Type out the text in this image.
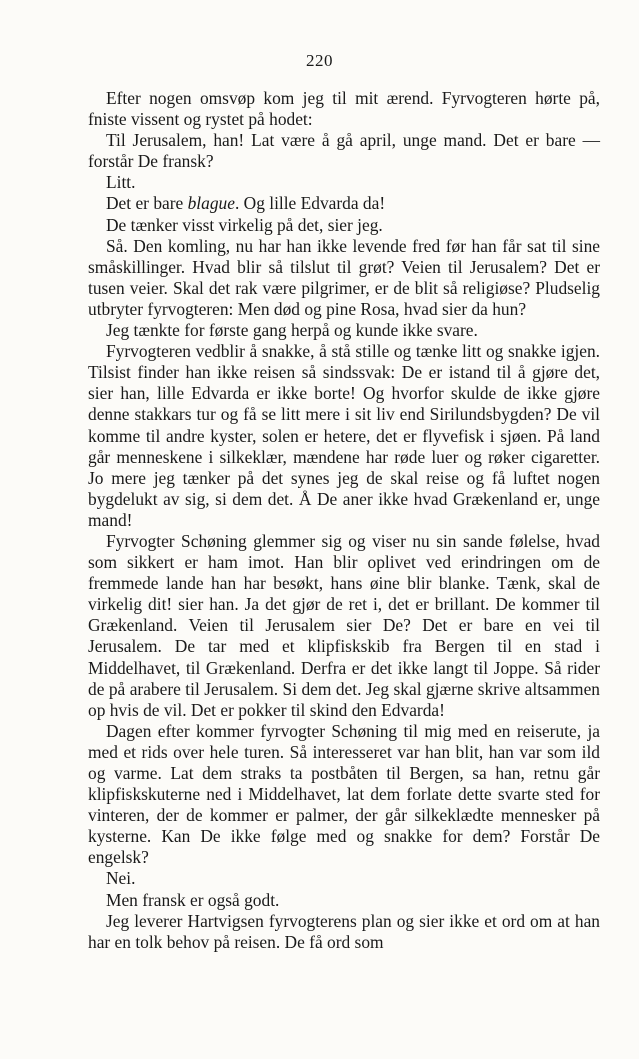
220

Efter nogen omsvøp kom jeg til mit ærend. Fyrvogteren hørte på, fniste vissent og rystet på hodet:

Til Jerusalem, han! Lat være å gå april, unge mand. Det er bare — forstår De fransk?

Litt.

Det er bare blague. Og lille Edvarda da!

De tænker visst virkelig på det, sier jeg.

Så. Den komling, nu har han ikke levende fred før han får sat til sine småskillinger. Hvad blir så tilslut til grøt? Veien til Jerusalem? Det er tusen veier. Skal det rak være pilgrimer, er de blit så religiøse? Pludselig utbryter fyrvogteren: Men død og pine Rosa, hvad sier da hun?

Jeg tænkte for første gang herpå og kunde ikke svare.

Fyrvogteren vedblir å snakke, å stå stille og tænke litt og snakke igjen. Tilsist finder han ikke reisen så sindssvak: De er istand til å gjøre det, sier han, lille Edvarda er ikke borte! Og hvorfor skulde de ikke gjøre denne stakkars tur og få se litt mere i sit liv end Sirilundsbygden? De vil komme til andre kyster, solen er hetere, det er flyvefisk i sjøen. På land går menneskene i silkeklær, mændene har røde luer og røker cigaretter. Jo mere jeg tænker på det synes jeg de skal reise og få luftet nogen bygdelukt av sig, si dem det. Å De aner ikke hvad Grækenland er, unge mand!

Fyrvogter Schøning glemmer sig og viser nu sin sande følelse, hvad som sikkert er ham imot. Han blir oplivet ved erindringen om de fremmede lande han har besøkt, hans øine blir blanke. Tænk, skal de virkelig dit! sier han. Ja det gjør de ret i, det er brillant. De kommer til Grækenland. Veien til Jerusalem sier De? Det er bare en vei til Jerusalem. De tar med et klipfiskskib fra Bergen til en stad i Middelhavet, til Grækenland. Derfra er det ikke langt til Joppe. Så rider de på arabere til Jerusalem. Si dem det. Jeg skal gjærne skrive altsammen op hvis de vil. Det er pokker til skind den Edvarda!

Dagen efter kommer fyrvogter Schøning til mig med en reiserute, ja med et rids over hele turen. Så interesseret var han blit, han var som ild og varme. Lat dem straks ta postbåten til Bergen, sa han, retnu går klipfiskskuterne ned i Middelhavet, lat dem forlate dette svarte sted for vinteren, der de kommer er palmer, der går silkeklædte mennesker på kysterne. Kan De ikke følge med og snakke for dem? Forstår De engelsk?

Nei.

Men fransk er også godt.

Jeg leverer Hartvigsen fyrvogterens plan og sier ikke et ord om at han har en tolk behov på reisen. De få ord som
